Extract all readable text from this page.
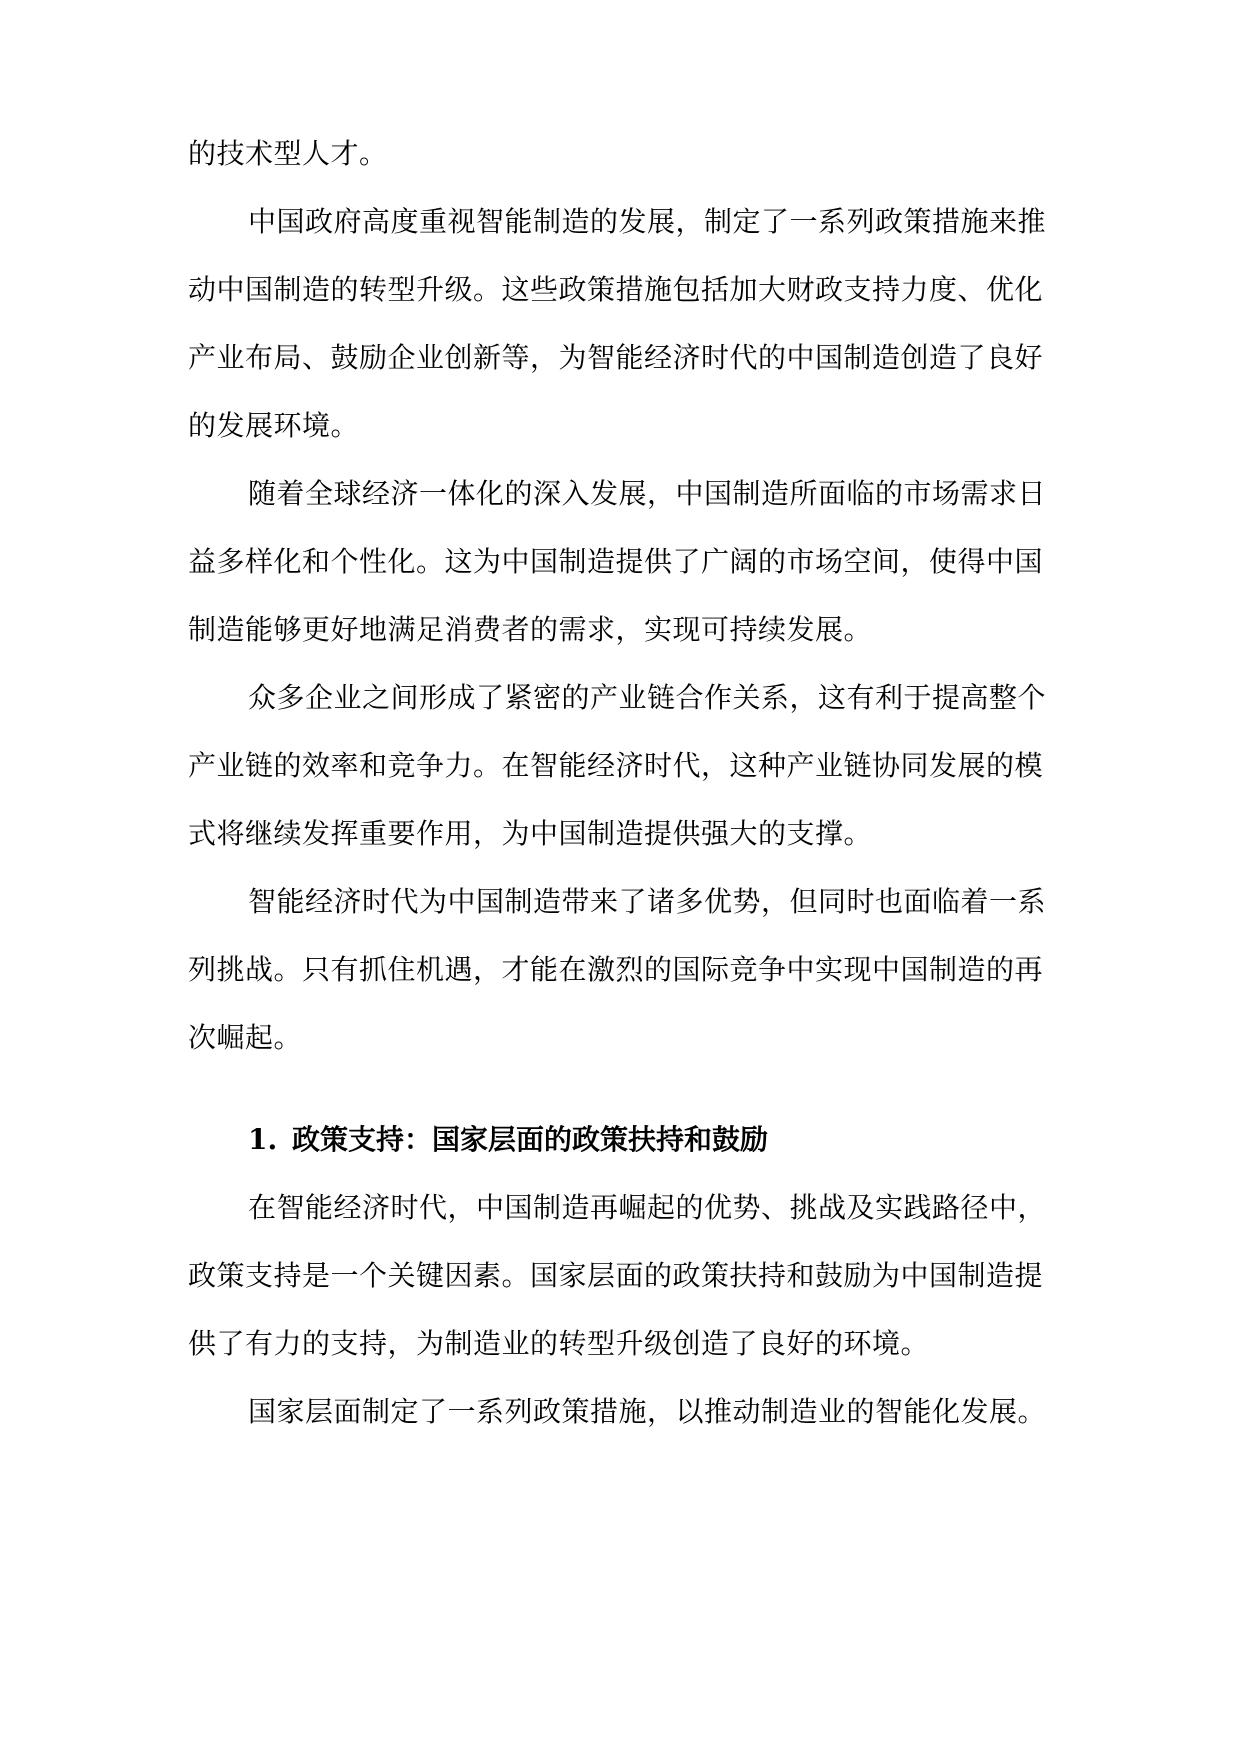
的技术型人才。
中国政府高度重视智能制造的发展，制定了一系列政策措施来推
动中国制造的转型升级。这些政策措施包括加大财政支持力度、优化
产业布局、鼓励企业创新等，为智能经济时代的中国制造创造了良好
的发展环境。
随着全球经济一体化的深入发展，中国制造所面临的市场需求日
益多样化和个性化。这为中国制造提供了广阔的市场空间，使得中国
制造能够更好地满足消费者的需求，实现可持续发展。
众多企业之间形成了紧密的产业链合作关系，这有利于提高整个
产业链的效率和竞争力。在智能经济时代，这种产业链协同发展的模
式将继续发挥重要作用，为中国制造提供强大的支撑。
智能经济时代为中国制造带来了诸多优势，但同时也面临着一系
列挑战。只有抓住机遇，才能在激烈的国际竞争中实现中国制造的再
次崛起。
1. 政策支持：国家层面的政策扶持和鼓励
在智能经济时代，中国制造再崛起的优势、挑战及实践路径中，
政策支持是一个关键因素。国家层面的政策扶持和鼓励为中国制造提
供了有力的支持，为制造业的转型升级创造了良好的环境。
国家层面制定了一系列政策措施，以推动制造业的智能化发展。
